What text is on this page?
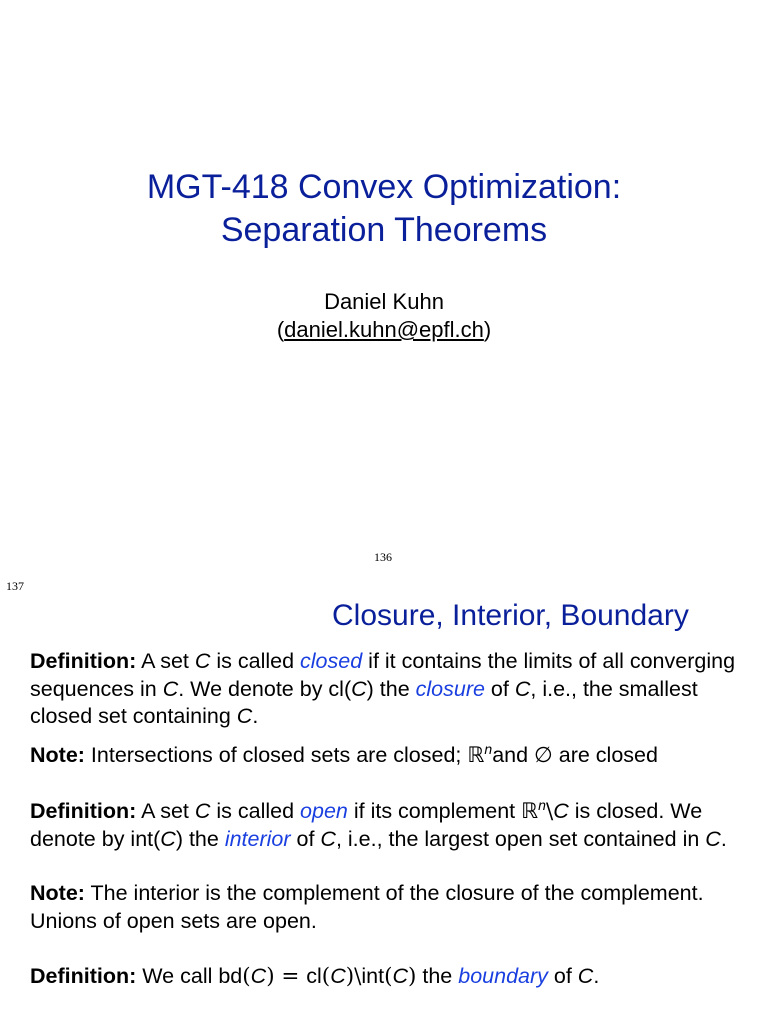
MGT-418 Convex Optimization:
Separation Theorems
Daniel Kuhn
(daniel.kuhn@epfl.ch)
136
137
Closure, Interior, Boundary
Definition: A set C is called closed if it contains the limits of all converging sequences in C. We denote by cl(C) the closure of C, i.e., the smallest closed set containing C.
Note: Intersections of closed sets are closed; ℝ$^n$and ∅ are closed
Definition: A set C is called open if its complement ℝ$^n$\C is closed. We denote by int(C) the interior of C, i.e., the largest open set contained in C.
Note: The interior is the complement of the closure of the complement. Unions of open sets are open.
Definition: We call bd(C) = cl(C)\int(C) the boundary of C.
